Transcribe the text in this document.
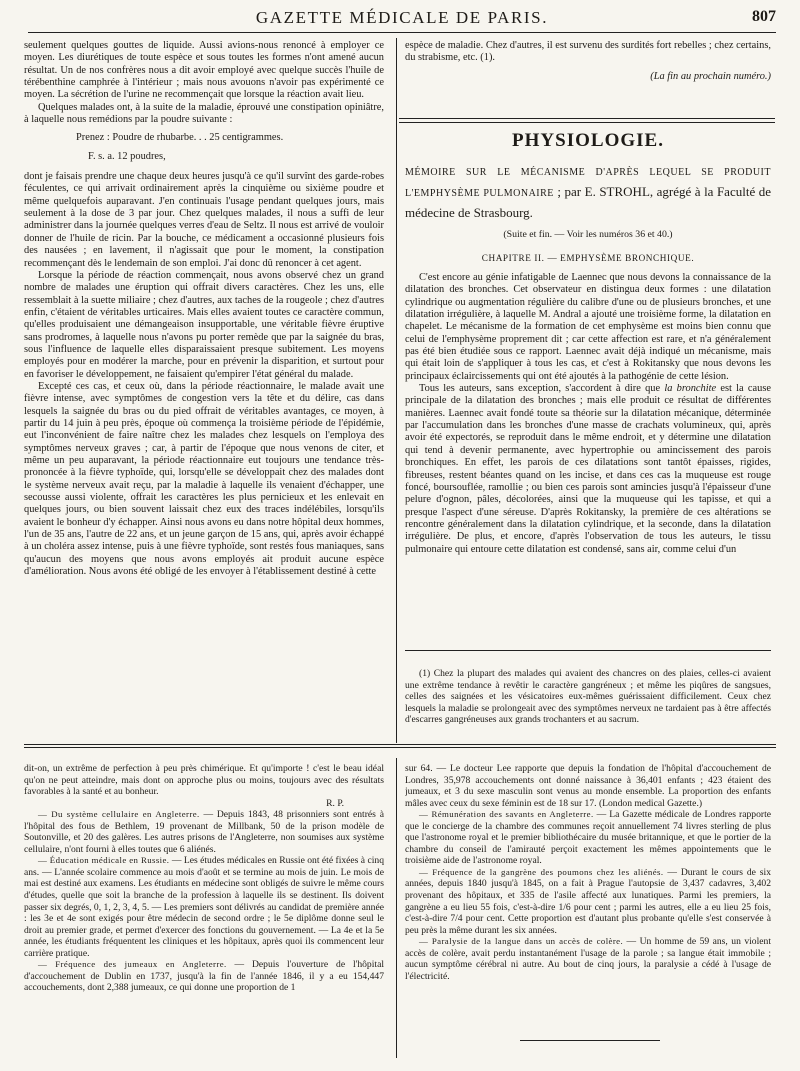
GAZETTE MÉDICALE DE PARIS.	807

seulement quelques gouttes de liquide. Aussi avions-nous renoncé à employer ce moyen. Les diurétiques de toute espèce et sous toutes les formes n'ont amené aucun résultat. Un de nos confrères nous a dit avoir employé avec quelque succès l'huile de térébenthine camphrée à l'intérieur ; mais nous avouons n'avoir pas expérimenté ce moyen. La sécrétion de l'urine ne recommençait que lorsque la réaction avait lieu.

Quelques malades ont, à la suite de la maladie, éprouvé une constipation opiniâtre, à laquelle nous remédions par la poudre suivante :

Prenez : Poudre de rhubarbe. . . 25 centigrammes.

F. s. a. 12 poudres,

dont je faisais prendre une chaque deux heures jusqu'à ce qu'il survînt des garde-robes féculentes, ce qui arrivait ordinairement après la cinquième ou sixième poudre et même quelquefois auparavant. J'en continuais l'usage pendant quelques jours, mais seulement à la dose de 3 par jour. Chez quelques malades, il nous a suffi de leur administrer dans la journée quelques verres d'eau de Seltz. Il nous est arrivé de vouloir donner de l'huile de ricin. Par la bouche, ce médicament a occasionné plusieurs fois des nausées ; en lavement, il n'agissait que pour le moment, la constipation recommençant dès le lendemain de son emploi. J'ai donc dû renoncer à cet agent.

Lorsque la période de réaction commençait, nous avons observé chez un grand nombre de malades une éruption qui offrait divers caractères. Chez les uns, elle ressemblait à la suette miliaire ; chez d'autres, aux taches de la rougeole ; chez d'autres enfin, c'étaient de véritables urticaires. Mais elles avaient toutes ce caractère commun, qu'elles produisaient une démangeaison insupportable, une véritable fièvre éruptive sans prodromes, à laquelle nous n'avons pu porter remède que par la saignée du bras, sous l'influence de laquelle elles disparaissaient presque subitement. Les moyens employés pour en modérer la marche, pour en prévenir la disparition, et surtout pour en favoriser le développement, ne faisaient qu'empirer l'état général du malade.

Excepté ces cas, et ceux où, dans la période réactionnaire, le malade avait une fièvre intense, avec symptômes de congestion vers la tête et du délire, cas dans lesquels la saignée du bras ou du pied offrait de véritables avantages, ce moyen, à partir du 14 juin à peu près, époque où commença la troisième période de l'épidémie, eut l'inconvénient de faire naître chez les malades chez lesquels on l'employa des symptômes nerveux graves ; car, à partir de l'époque que nous venons de citer, et même un peu auparavant, la période réactionnaire eut toujours une tendance très-prononcée à la fièvre typhoïde, qui, lorsqu'elle se développait chez des malades dont le système nerveux avait reçu, par la maladie à laquelle ils venaient d'échapper, une secousse aussi violente, offrait les caractères les plus pernicieux et les enlevait en quelques jours, ou bien souvent laissait chez eux des traces indélébiles, lorsqu'ils avaient le bonheur d'y échapper. Ainsi nous avons eu dans notre hôpital deux hommes, l'un de 35 ans, l'autre de 22 ans, et un jeune garçon de 15 ans, qui, après avoir échappé à un choléra assez intense, puis à une fièvre typhoïde, sont restés fous maniaques, sans qu'aucun des moyens que nous avons employés ait produit aucune espèce d'amélioration. Nous avons été obligé de les envoyer à l'établissement destiné à cette

espèce de maladie. Chez d'autres, il est survenu des surdités fort rebelles ; chez certains, du strabisme, etc. (1).

(La fin au prochain numéro.)

PHYSIOLOGIE.
MÉMOIRE SUR LE MÉCANISME D'APRÈS LEQUEL SE PRODUIT L'EMPHYSÈME PULMONAIRE ; par E. STROHL, agrégé à la Faculté de médecine de Strasbourg.
(Suite et fin. — Voir les numéros 36 et 40.)
CHAPITRE II. — EMPHYSÈME BRONCHIQUE.

C'est encore au génie infatigable de Laennec que nous devons la connaissance de la dilatation des bronches. Cet observateur en distingua deux formes : une dilatation cylindrique ou augmentation régulière du calibre d'une ou de plusieurs bronches, et une dilatation irrégulière, à laquelle M. Andral a ajouté une troisième forme, la dilatation en chapelet. Le mécanisme de la formation de cet emphysème est moins bien connu que celui de l'emphysème proprement dit ; car cette affection est rare, et n'a généralement pas été bien étudiée sous ce rapport. Laennec avait déjà indiqué un mécanisme, mais qui était loin de s'appliquer à tous les cas, et c'est à Rokitansky que nous devons les principaux éclaircissements qui ont été ajoutés à la pathogénie de cette lésion.

Tous les auteurs, sans exception, s'accordent à dire que la bronchite est la cause principale de la dilatation des bronches ; mais elle produit ce résultat de différentes manières. Laennec avait fondé toute sa théorie sur la dilatation mécanique, déterminée par l'accumulation dans les bronches d'une masse de crachats volumineux, qui, après avoir été expectorés, se reproduit dans le même endroit, et y détermine une dilatation qui tend à devenir permanente, avec hypertrophie ou amincissement des parois bronchiques. En effet, les parois de ces dilatations sont tantôt épaisses, rigides, fibreuses, restent béantes quand on les incise, et dans ces cas la muqueuse est rouge foncé, boursouflée, ramollie ; ou bien ces parois sont amincies jusqu'à l'épaisseur d'une pelure d'ognon, pâles, décolorées, ainsi que la muqueuse qui les tapisse, et qui a presque l'aspect d'une séreuse. D'après Rokitansky, la première de ces altérations se rencontre généralement dans la dilatation cylindrique, et la seconde, dans la dilatation irrégulière. De plus, et encore, d'après l'observation de tous les auteurs, le tissu pulmonaire qui entoure cette dilatation est condensé, sans air, comme celui d'un

(1) Chez la plupart des malades qui avaient des chancres on des plaies, celles-ci avaient une extrême tendance à revêtir le caractère gangréneux ; et même les piqûres de sangsues, celles des saignées et les vésicatoires eux-mêmes guérissaient difficilement. Ceux chez lesquels la maladie se prolongeait avec des symptômes nerveux ne tardaient pas à être affectés d'escarres gangréneuses aux grands trochanters et au sacrum.

dit-on, un extrême de perfection à peu près chimérique. Et qu'importe ! c'est le beau idéal qu'on ne peut atteindre, mais dont on approche plus ou moins, toujours avec des résultats favorables à la santé et au bonheur.

R. P.

— Du système cellulaire en Angleterre. — Depuis 1843, 48 prisonniers sont entrés à l'hôpital des fous de Bethlem, 19 provenant de Millbank, 50 de la prison modèle de Soutonville, et 20 des galères. Les autres prisons de l'Angleterre, non soumises aux système cellulaire, n'ont fourni à elles toutes que 6 aliénés.

— Éducation médicale en Russie. — Les études médicales en Russie ont été fixées à cinq ans. — L'année scolaire commence au mois d'août et se termine au mois de juin. Le mois de mai est destiné aux examens. Les étudiants en médecine sont obligés de suivre le même cours d'études, quelle que soit la branche de la profession à laquelle ils se destinent. Ils doivent passer six degrés, 0, 1, 2, 3, 4, 5. — Les premiers sont délivrés au candidat de première année : les 3e et 4e sont exigés pour être médecin de second ordre ; le 5e diplôme donne seul le droit au premier grade, et permet d'exercer des fonctions du gouvernement. — La 4e et la 5e année, les étudiants fréquentent les cliniques et les hôpitaux, après quoi ils commencent leur carrière pratique.

— Fréquence des jumeaux en Angleterre. — Depuis l'ouverture de l'hôpital d'accouchement de Dublin en 1737, jusqu'à la fin de l'année 1846, il y a eu 154,447 accouchements, dont 2,388 jumeaux, ce qui donne une proportion de 1

sur 64. — Le docteur Lee rapporte que depuis la fondation de l'hôpital d'accouchement de Londres, 35,978 accouchements ont donné naissance à 36,401 enfants ; 423 étaient des jumeaux, et 3 du sexe masculin sont venus au monde ensemble. La proportion des enfants mâles avec ceux du sexe féminin est de 18 sur 17. (London medical Gazette.)

— Rémunération des savants en Angleterre. — La Gazette médicale de Londres rapporte que le concierge de la chambre des communes reçoit annuellement 74 livres sterling de plus que l'astronome royal et le premier bibliothécaire du musée britannique, et que le portier de la chambre du conseil de l'amirauté perçoit exactement les mêmes appointements que le troisième aide de l'astronome royal.

— Fréquence de la gangrène des poumons chez les aliénés. — Durant le cours de six années, depuis 1840 jusqu'à 1845, on a fait à Prague l'autopsie de 3,437 cadavres, 3,402 provenant des hôpitaux, et 335 de l'asile affecté aux lunatiques. Parmi les premiers, la gangrène a eu lieu 55 fois, c'est-à-dire 1/6 pour cent ; parmi les autres, elle a eu lieu 25 fois, c'est-à-dire 7/4 pour cent. Cette proportion est d'autant plus probante qu'elle s'est conservée à peu près la même durant les six années.

— Paralysie de la langue dans un accès de colère. — Un homme de 59 ans, un violent accès de colère, avait perdu instantanément l'usage de la parole ; sa langue était immobile ; aucun symptôme cérébral ni autre. Au bout de cinq jours, la paralysie a cédé à l'usage de l'électricité.
